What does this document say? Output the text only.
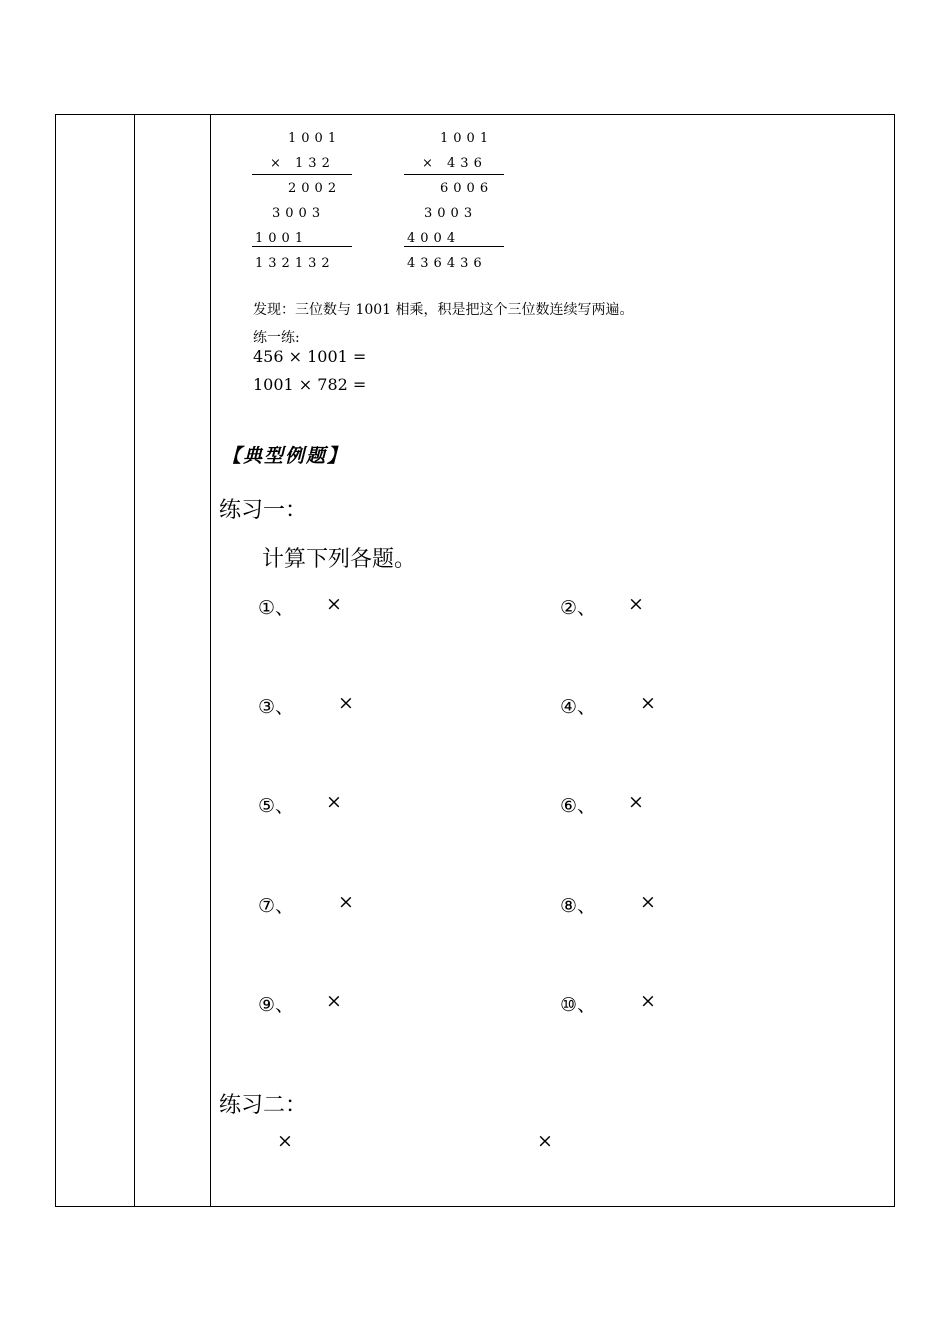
1001
× 132
2002
3003
1001
132132
1001
× 436
6006
3003
4004
436436
发现：三位数与 1001 相乘，积是把这个三位数连续写两遍。
练一练:
456 × 1001 =
1001 × 782 =
【典型例题】
练习一：
计算下列各题。
①、 ×	②、 ×
③、 ×	④、 ×
⑤、 ×	⑥、 ×
⑦、 ×	⑧、 ×
⑨、 ×	⑩、 ×
练习二：
×	×
